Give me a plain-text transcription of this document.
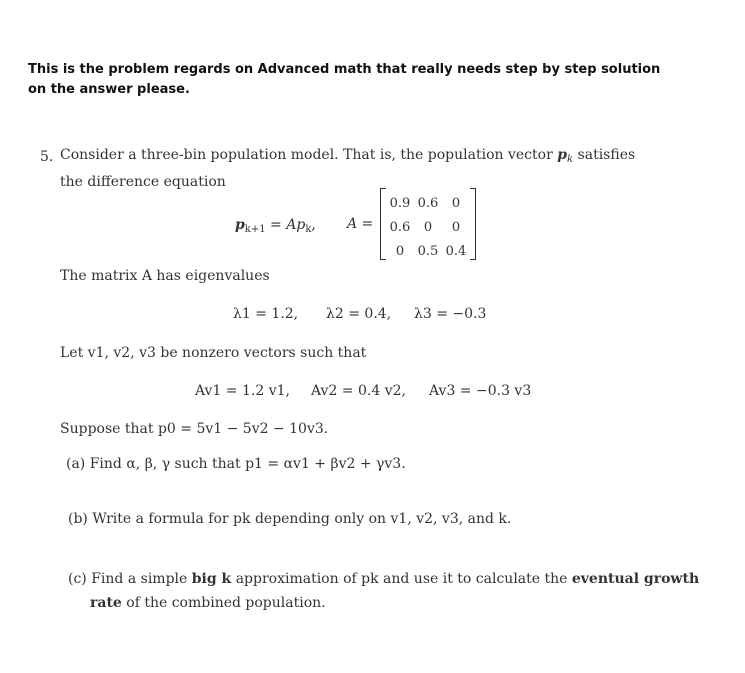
This is the problem regards on Advanced math that really needs step by step solution on the answer please.
5. Consider a three-bin population model. That is, the population vector $p_k$ satisfies
the difference equation
$p_{k+1} = Ap_k$, A =
0.9 0.6	0
0.6	0	0
0	0.5 0.4
The matrix A has eigenvalues
λ1 = 1.2, λ2 = 0.4, λ3 = −0.3
Let v1, v2, v3 be nonzero vectors such that
Av1 = 1.2 v1, Av2 = 0.4 v2, Av3 = −0.3 v3
Suppose that p0 = 5v1 − 5v2 − 10v3.
(a) Find α, β, γ such that p1 = αv1 + βv2 + γv3.
(b) Write a formula for pk depending only on v1, v2, v3, and k.
(c) Find a simple big k approximation of pk and use it to calculate the eventual growth
rate of the combined population.
